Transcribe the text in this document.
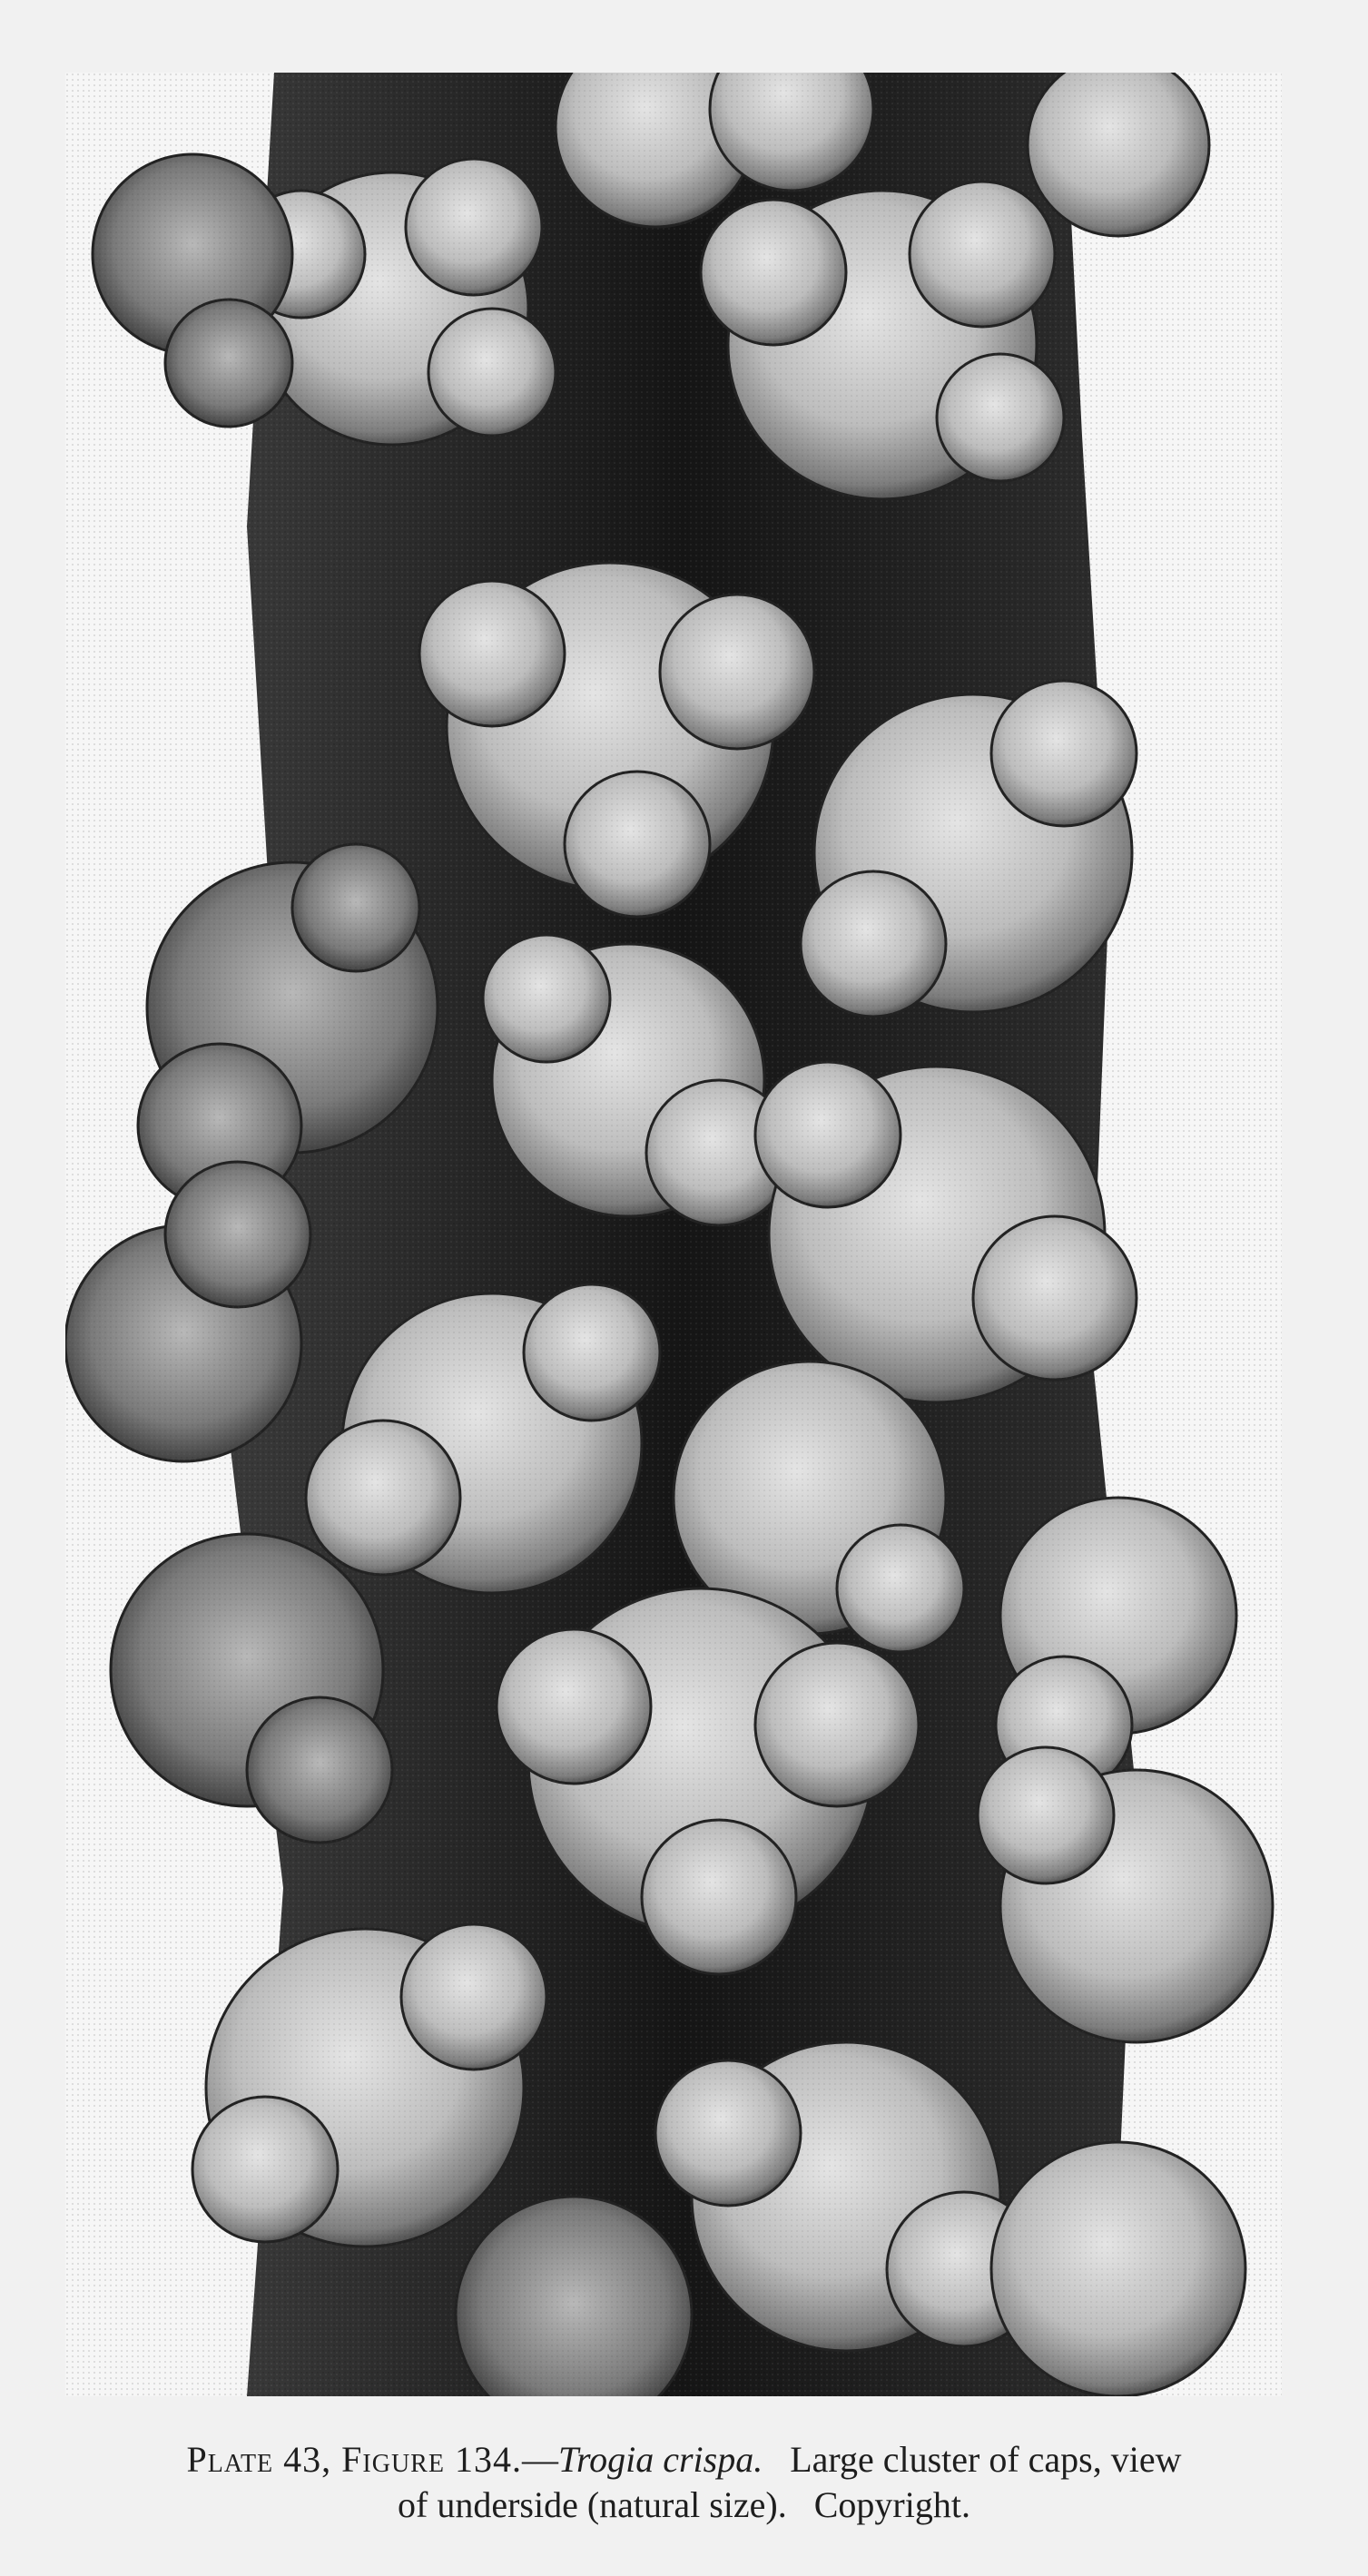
Plate 43, Figure 134.—Trogia crispa. Large cluster of caps, view
of underside (natural size). Copyright.
